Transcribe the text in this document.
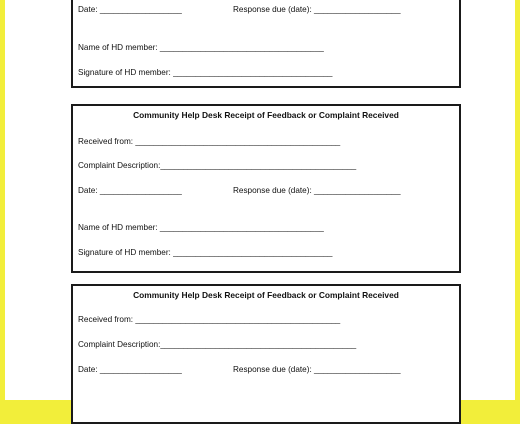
Date: __________________	Response due (date): ___________________
Name of HD member: ____________________________________
Signature of HD member: ___________________________________
Community Help Desk Receipt of Feedback or Complaint Received
Received from: _____________________________________________
Complaint Description:___________________________________________
Date: __________________	Response due (date): ___________________
Name of HD member: ____________________________________
Signature of HD member: ___________________________________
Community Help Desk Receipt of Feedback or Complaint Received
Received from: _____________________________________________
Complaint Description:___________________________________________
Date: __________________	Response due (date): ___________________
